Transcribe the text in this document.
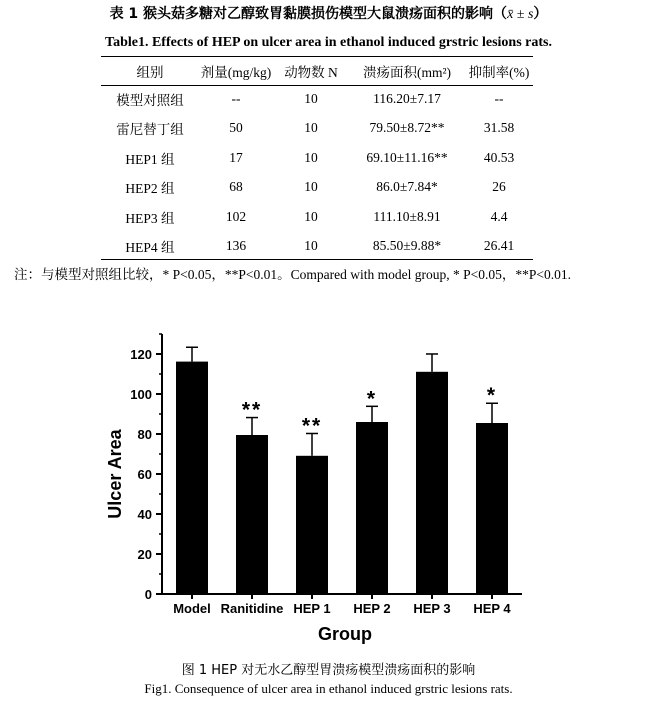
表 1 猴头菇多糖对乙醇致胃黏膜损伤模型大鼠溃疡面积的影响（x̄ ± s）
Table1. Effects of HEP on ulcer area in ethanol induced grstric lesions rats.
组别	剂量(mg/kg)	动物数 N	溃疡面积(mm²)	抑制率(%)
模型对照组	--	10	116.20±7.17	--
雷尼替丁组	50	10	79.50±8.72**	31.58
HEP1 组	17	10	69.10±11.16**	40.53
HEP2 组	68	10	86.0±7.84*	26
HEP3 组	102	10	111.10±8.91	4.4
HEP4 组	136	10	85.50±9.88*	26.41
注：与模型对照组比较，* P<0.05，**P<0.01。Compared with model group, * P<0.05，**P<0.01.
0
20
40
60
80
100
120
Model Ranitidine
**
HEP 1
**
HEP 2
*
HEP 3 HEP 4
*
Group
Ulcer Area
图 1 HEP 对无水乙醇型胃溃疡模型溃疡面积的影响
Fig1. Consequence of ulcer area in ethanol induced grstric lesions rats.
